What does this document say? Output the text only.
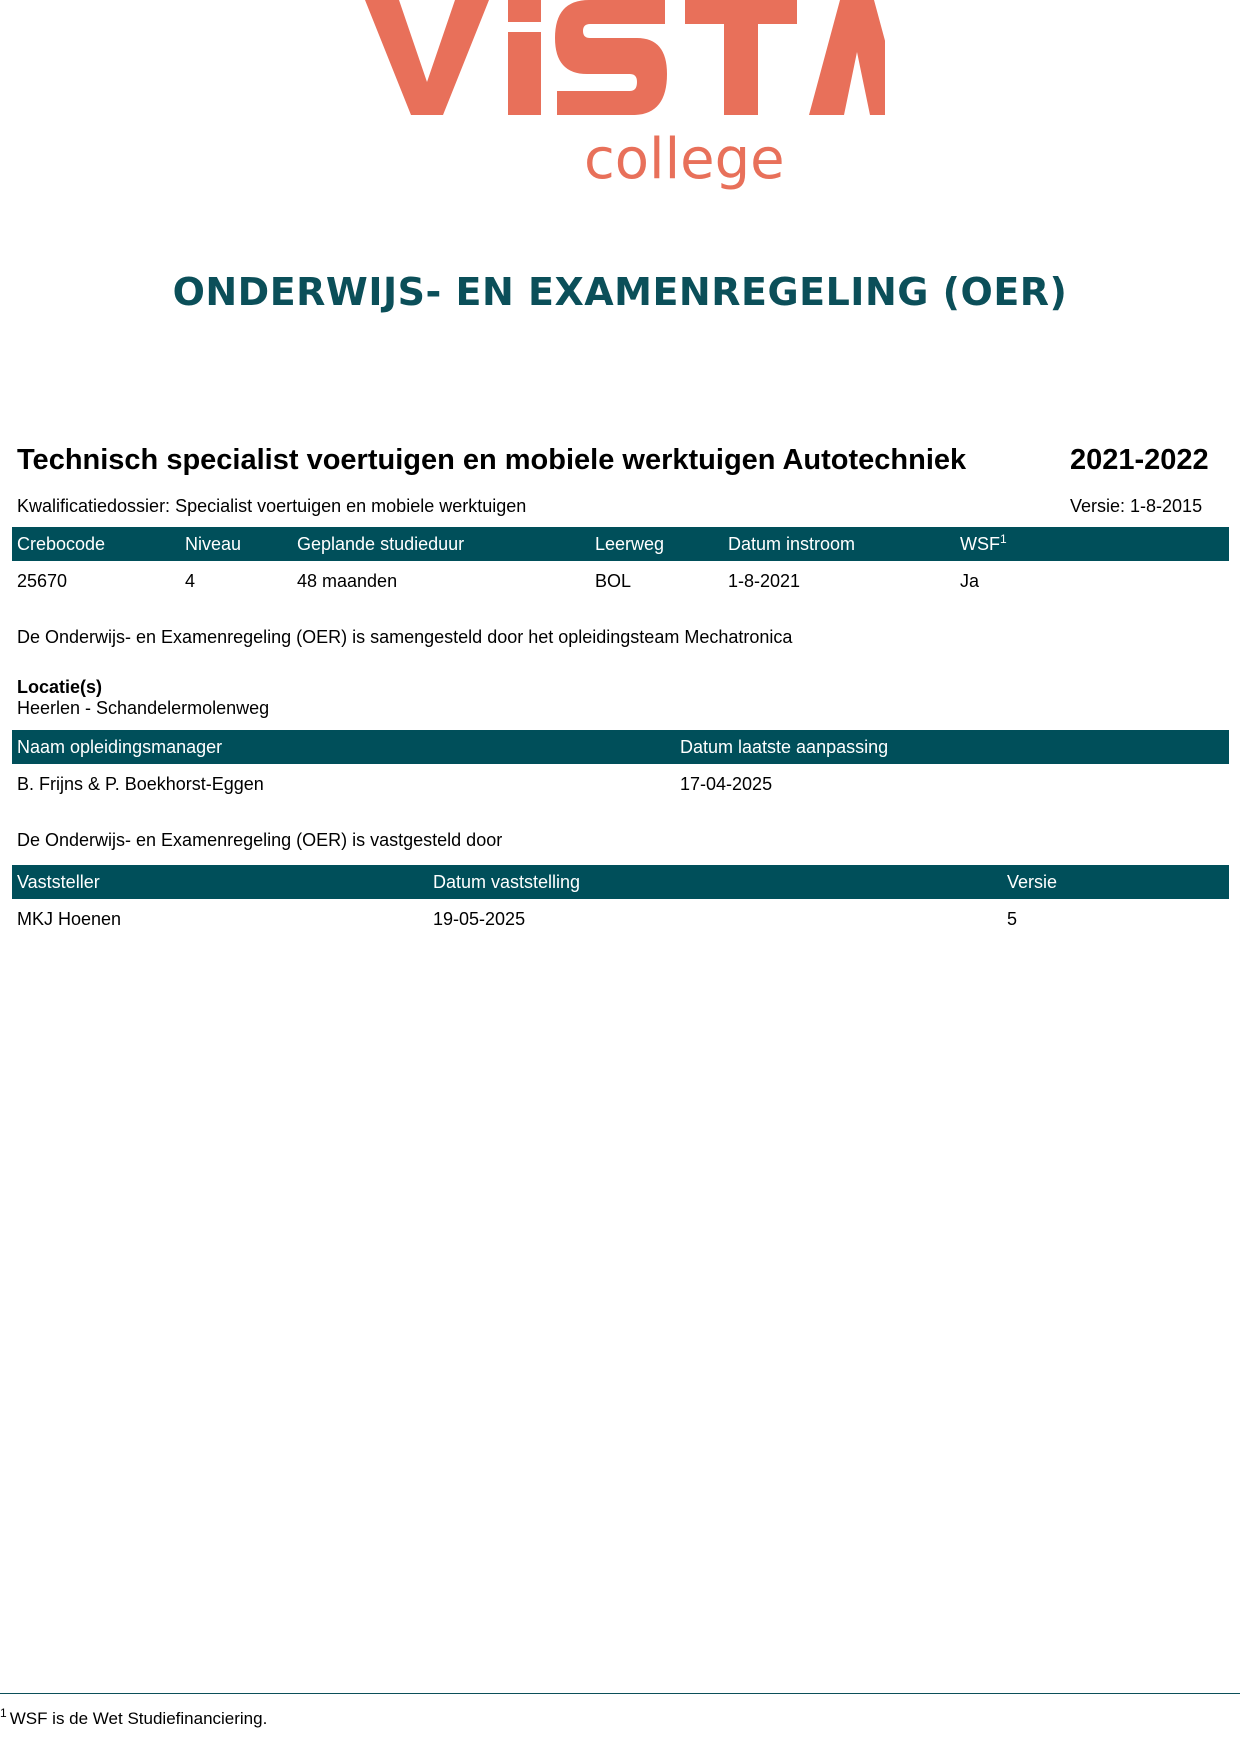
college
ONDERWIJS- EN EXAMENREGELING (OER)
Technisch specialist voertuigen en mobiele werktuigen Autotechniek	2021-2022
Kwalificatiedossier: Specialist voertuigen en mobiele werktuigen	Versie: 1-8-2015
Crebocode	Niveau	Geplande studieduur	Leerweg	Datum instroom	WSF$^1$
25670	4	48 maanden	BOL	1-8-2021	Ja
De Onderwijs- en Examenregeling (OER) is samengesteld door het opleidingsteam Mechatronica
Locatie(s)
Heerlen - Schandelermolenweg
Naam opleidingsmanager	Datum laatste aanpassing
B. Frijns & P. Boekhorst-Eggen	17-04-2025
De Onderwijs- en Examenregeling (OER) is vastgesteld door
Vaststeller	Datum vaststelling	Versie
MKJ Hoenen	19-05-2025	5
$^1$ WSF is de Wet Studiefinanciering.
